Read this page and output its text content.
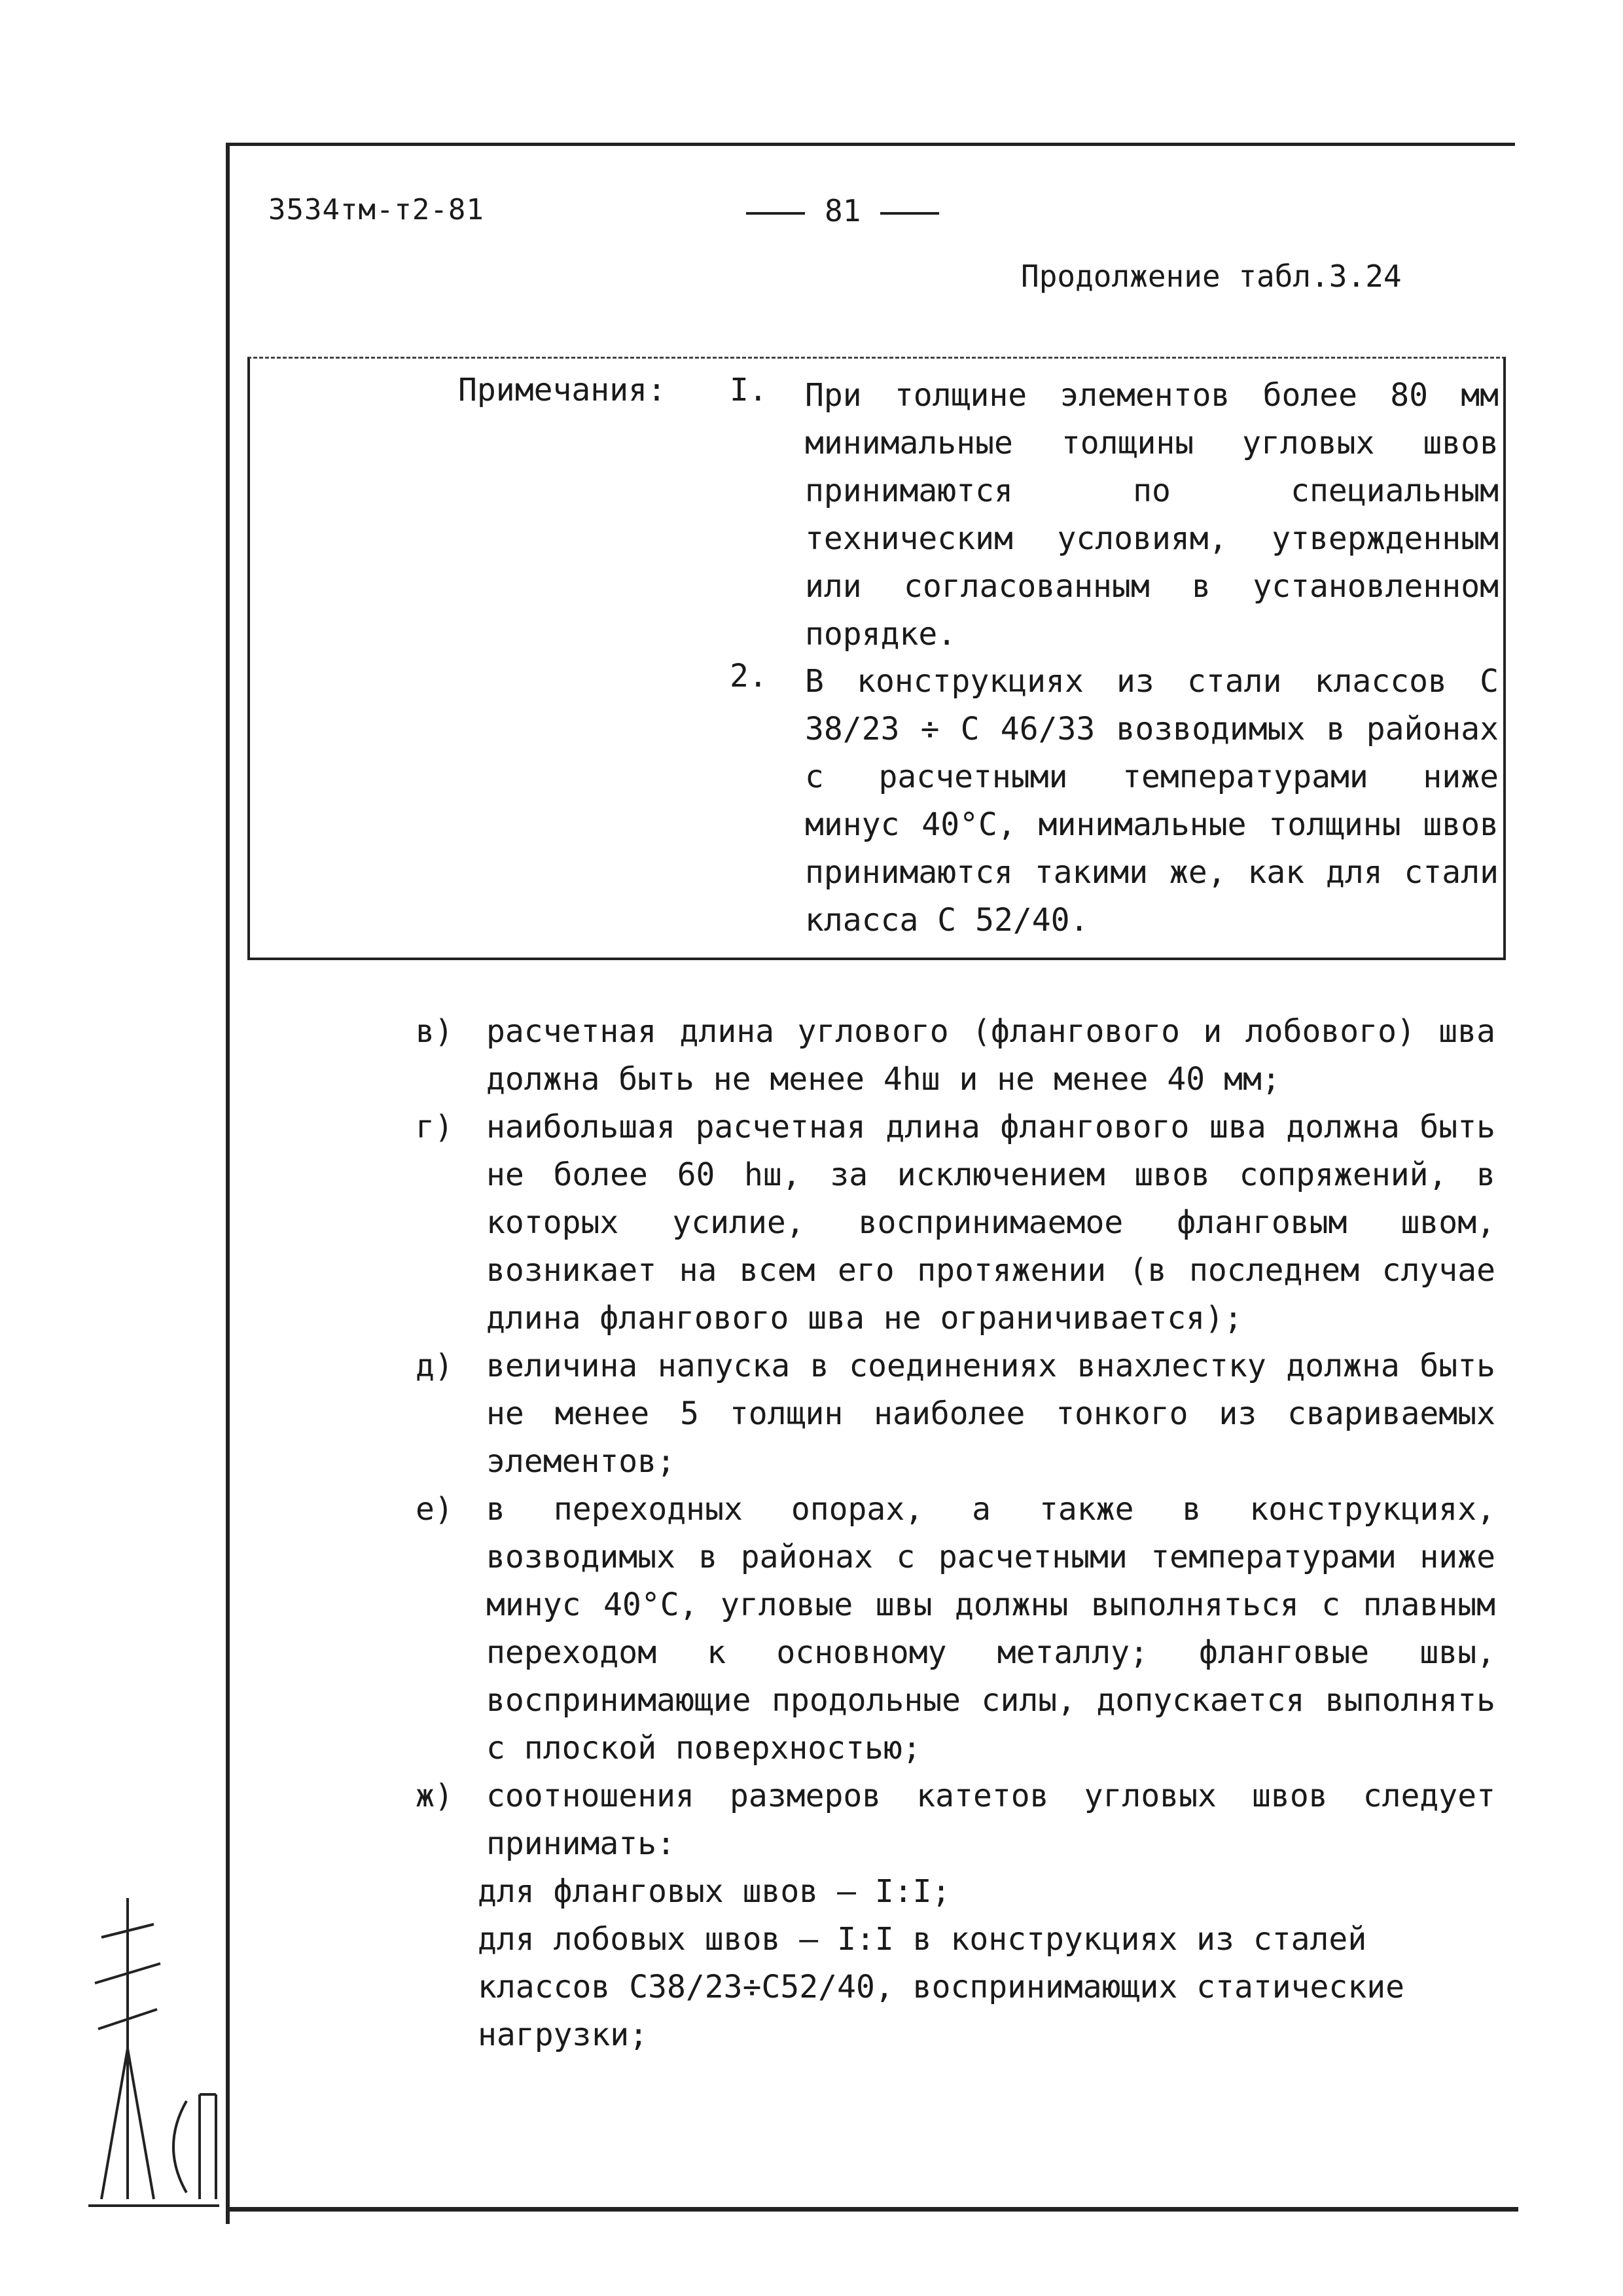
3534тм-т2-81	81
Продолжение табл.3.24
Примечания: I. При толщине элементов более 80 мм минимальные толщины угловых швов принимаются по специальным техническим условиям, утвержденным или согласованным в установленном порядке.
2. В конструкциях из стали классов С 38/23 ÷ С 46/33 возводимых в районах с расчетными температурами ниже минус 40°С, минимальные толщины швов принимаются такими же, как для стали класса С 52/40.
в)	расчетная длина углового (флангового и лобового) шва должна быть не менее 4hш и не менее 40 мм;
г)	наибольшая расчетная длина флангового шва должна быть не более 60 hш, за исключением швов сопряжений, в которых усилие, воспринимаемое фланговым швом, возникает на всем его протяжении (в последнем случае длина флангового шва не ограничивается);
д)	величина напуска в соединениях внахлестку должна быть не менее 5 толщин наиболее тонкого из свариваемых элементов;
е)	в переходных опорах, а также в конструкциях, возводимых в районах с расчетными температурами ниже минус 40°С, угловые швы должны выполняться с плавным переходом к основному металлу; фланговые швы, воспринимающие продольные силы, допускается выполнять с плоской поверхностью;
ж)	соотношения размеров катетов угловых швов следует принимать:
для фланговых швов – I:I;
для лобовых швов – I:I в конструкциях из сталей
классов С38/23÷С52/40, воспринимающих статические
нагрузки;
